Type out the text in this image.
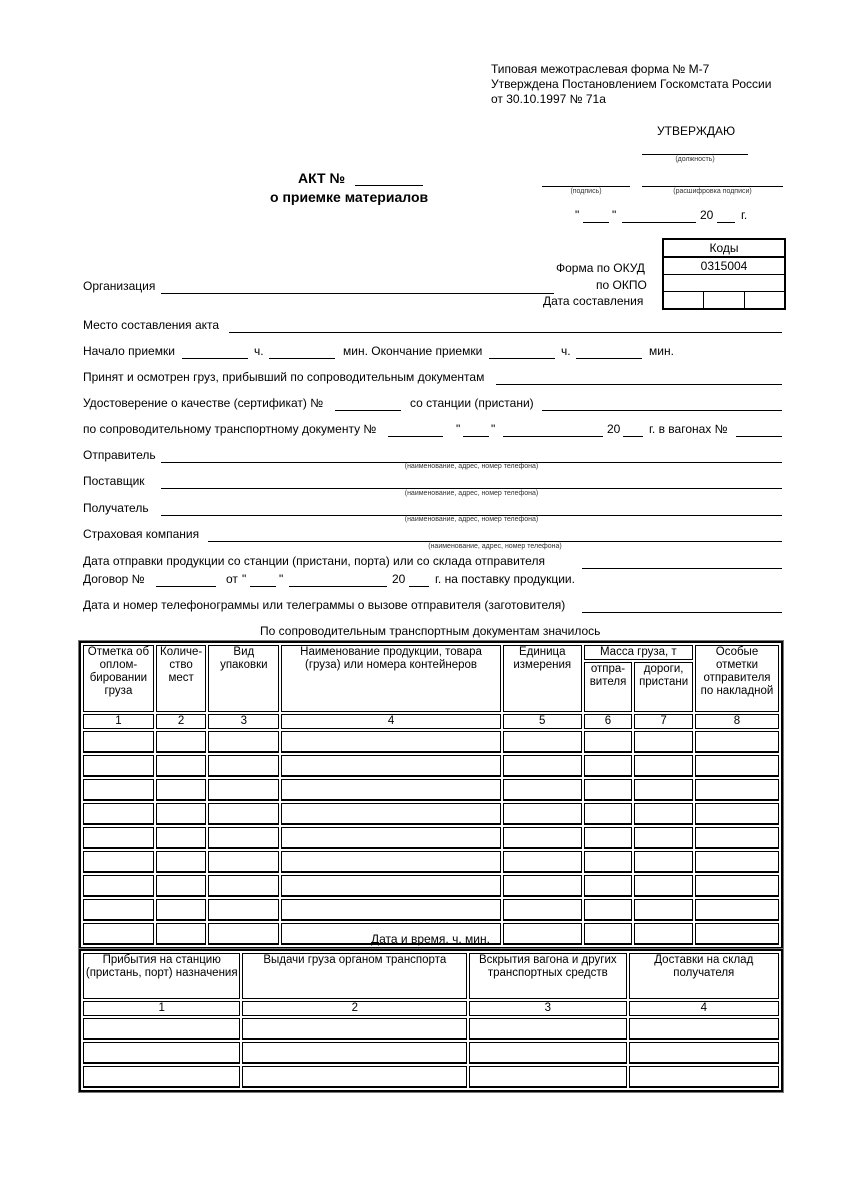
Типовая межотраслевая форма № М-7
Утверждена Постановлением Госкомстата России
от 30.10.1997 № 71а
УТВЕРЖДАЮ
(должность)
(подпись)	(расшифровка подписи)
"	"	20 г.
АКТ №
о приемке материалов
Форма по ОКУД
по ОКПО
Дата составления
Коды
0315004
Организация
Место составления акта
Начало приемки	ч.	мин. Окончание приемки	ч.	мин.
Принят и осмотрен груз, прибывший по сопроводительным документам
Удостоверение о качестве (сертификат) №	со станции (пристани)
по сопроводительному транспортному документу №	"	"	20 г. в вагонах №
Отправитель
(наименование, адрес, номер телефона)
Поставщик
(наименование, адрес, номер телефона)
Получатель
(наименование, адрес, номер телефона)
Страховая компания
(наименование, адрес, номер телефона)
Дата отправки продукции со станции (пристани, порта) или со склада отправителя
Договор №	от "	"	20 г. на поставку продукции.
Дата и номер телефонограммы или телеграммы о вызове отправителя (заготовителя)
По сопроводительным транспортным документам значилось
Отметка об оплом-бировании груза	Количе-ство мест	Вид упаковки	Наименование продукции, товара (груза) или номера контейнеров	Единица измерения	Масса груза, т		Особые отметки отправителя по накладной
					отпра-вителя	дороги, пристани	
1	2	3	4	5	6	7	8

Дата и время, ч. мин.
Прибытия на станцию (пристань, порт) назначения	Выдачи груза органом транспорта	Вскрытия вагона и других транспортных средств	Доставки на склад получателя
1	2	3	4
